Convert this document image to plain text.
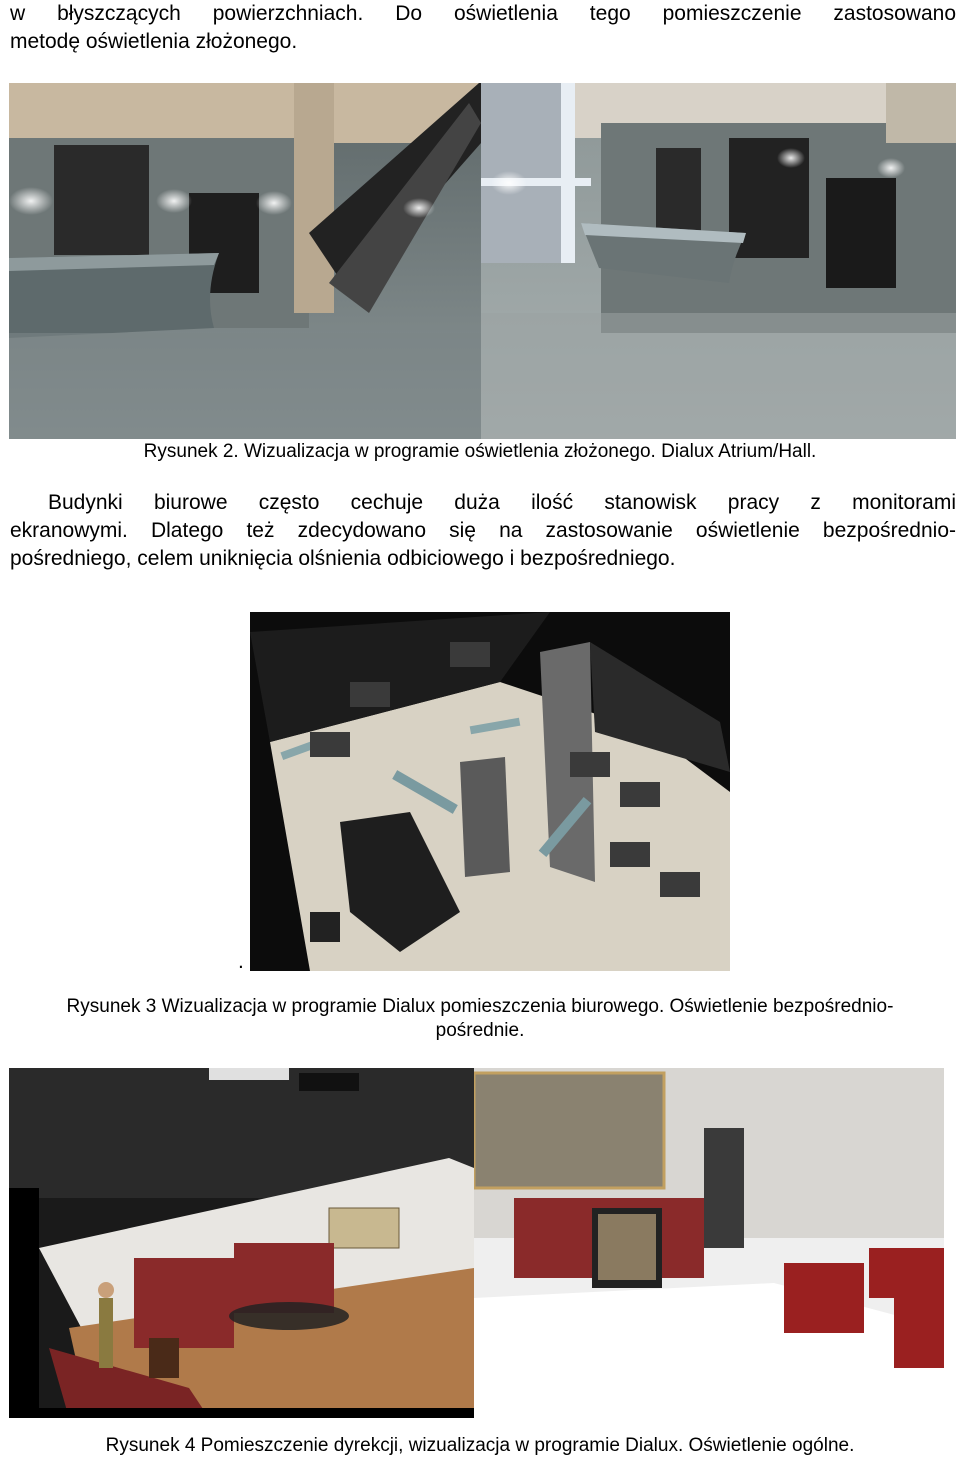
w błyszczących powierzchniach. Do oświetlenia tego pomieszczenie zastosowano
metodę oświetlenia złożonego.
Rysunek 2. Wizualizacja w programie oświetlenia złożonego. Dialux Atrium/Hall.
Budynki biurowe często cechuje duża ilość stanowisk pracy z monitorami
ekranowymi. Dlatego też zdecydowano się na zastosowanie oświetlenie bezpośrednio-
pośredniego, celem uniknięcia olśnienia odbiciowego i bezpośredniego.
.
Rysunek 3 Wizualizacja w programie Dialux pomieszczenia biurowego. Oświetlenie bezpośrednio-
pośrednie.
Rysunek 4 Pomieszczenie dyrekcji, wizualizacja w programie Dialux. Oświetlenie ogólne.
